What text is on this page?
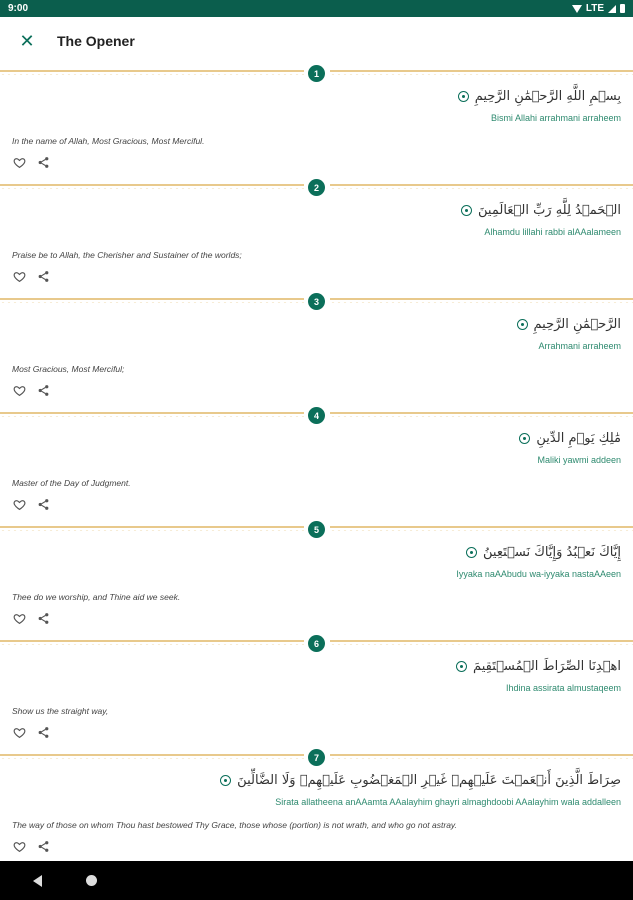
9:00	LTE
✕ The Opener
1
بِسۡمِ اللَّهِ الرَّحۡمَٰنِ الرَّحِيمِ
Bismi Allahi arrahmani arraheem
In the name of Allah, Most Gracious, Most Merciful.
2
الۡحَمۡدُ لِلَّهِ رَبِّ الۡعَالَمِينَ
Alhamdu lillahi rabbi alAAalameen
Praise be to Allah, the Cherisher and Sustainer of the worlds;
3
الرَّحۡمَٰنِ الرَّحِيمِ
Arrahmani arraheem
Most Gracious, Most Merciful;
4
مَٰلِكِ يَوۡمِ الدِّينِ
Maliki yawmi addeen
Master of the Day of Judgment.
5
إِيَّاكَ نَعۡبُدُ وَإِيَّاكَ نَسۡتَعِينُ
Iyyaka naAAbudu wa-iyyaka nastaAAeen
Thee do we worship, and Thine aid we seek.
6
اهۡدِنَا الصِّرَاطَ الۡمُسۡتَقِيمَ
Ihdina assirata almustaqeem
Show us the straight way,
7
صِرَاطَ الَّذِينَ أَنۡعَمۡتَ عَلَيۡهِمۡ غَيۡرِ الۡمَغۡضُوبِ عَلَيۡهِمۡ وَلَا الضَّالِّينَ
Sirata allatheena anAAamta AAalayhim ghayri almaghdoobi AAalayhim wala addalleen
The way of those on whom Thou hast bestowed Thy Grace, those whose (portion) is not wrath, and who go not astray.
